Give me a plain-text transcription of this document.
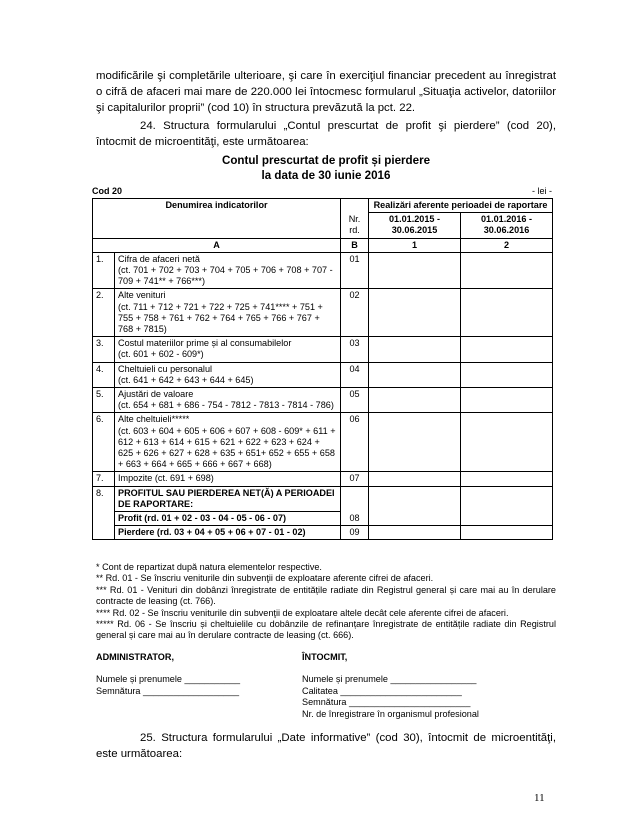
modificările şi completările ulterioare, şi care în exerciţiul financiar precedent au înregistrat o cifră de afaceri mai mare de 220.000 lei întocmesc formularul „Situaţia activelor, datoriilor şi capitalurilor proprii” (cod 10) în structura prevăzută la pct. 22.

24. Structura formularului „Contul prescurtat de profit şi pierdere” (cod 20), întocmit de microentităţi, este următoarea:

Contul prescurtat de profit și pierdere
la data de 30 iunie 2016
Cod 20	- lei -
Denumirea indicatorilor		Nr. rd.	Realizări aferente perioadei de raportare	
			01.01.2015 - 30.06.2015	01.01.2016 - 30.06.2016
A		B	1	2
1.	Cifra de afaceri netă
(ct. 701 + 702 + 703 + 704 + 705 + 706 + 708 + 707 - 709 + 741** + 766***)	01		
2.	Alte venituri
(ct. 711 + 712 + 721 + 722 + 725 + 741**** + 751 + 755 + 758 + 761 + 762 + 764 + 765 + 766 + 767 + 768 + 7815)	02		
3.	Costul materiilor prime și al consumabilelor
(ct. 601 + 602 - 609*)	03		
4.	Cheltuieli cu personalul
(ct. 641 + 642 + 643 + 644 + 645)	04		
5.	Ajustări de valoare
(ct. 654 + 681 + 686 - 754 - 7812 - 7813 - 7814 - 786)	05		
6.	Alte cheltuieli*****
(ct. 603 + 604 + 605 + 606 + 607 + 608 - 609* + 611 + 612 + 613 + 614 + 615 + 621 + 622 + 623 + 624 + 625 + 626 + 627 + 628 + 635 + 651+ 652 + 655 + 658 + 663 + 664 + 665 + 666 + 667 + 668)	06		
7.	Impozite (ct. 691 + 698)	07		
8.	PROFITUL SAU PIERDEREA NET(Ă) A PERIOADEI DE RAPORTARE:			
	Profit (rd. 01 + 02 - 03 - 04 - 05 - 06 - 07)	08		
	Pierdere (rd. 03 + 04 + 05 + 06 + 07 - 01 - 02)	09		

* Cont de repartizat după natura elementelor respective.

** Rd. 01 - Se înscriu veniturile din subvenţii de exploatare aferente cifrei de afaceri.

*** Rd. 01 - Venituri din dobânzi înregistrate de entitățile radiate din Registrul general și care mai au în derulare contracte de leasing (ct. 766).

**** Rd. 02 - Se înscriu veniturile din subvenţii de exploatare altele decât cele aferente cifrei de afaceri.

***** Rd. 06 - Se înscriu și cheltuielile cu dobânzile de refinanțare înregistrate de entitățile radiate din Registrul general și care mai au în derulare contracte de leasing (ct. 666).

ADMINISTRATOR,
Numele și prenumele ___________
Semnătura ___________________
ÎNTOCMIT,
Numele și prenumele _________________
Calitatea ________________________
Semnătura ________________________
Nr. de înregistrare în organismul profesional

25. Structura formularului „Date informative” (cod 30), întocmit de microentităţi, este următoarea:

11
